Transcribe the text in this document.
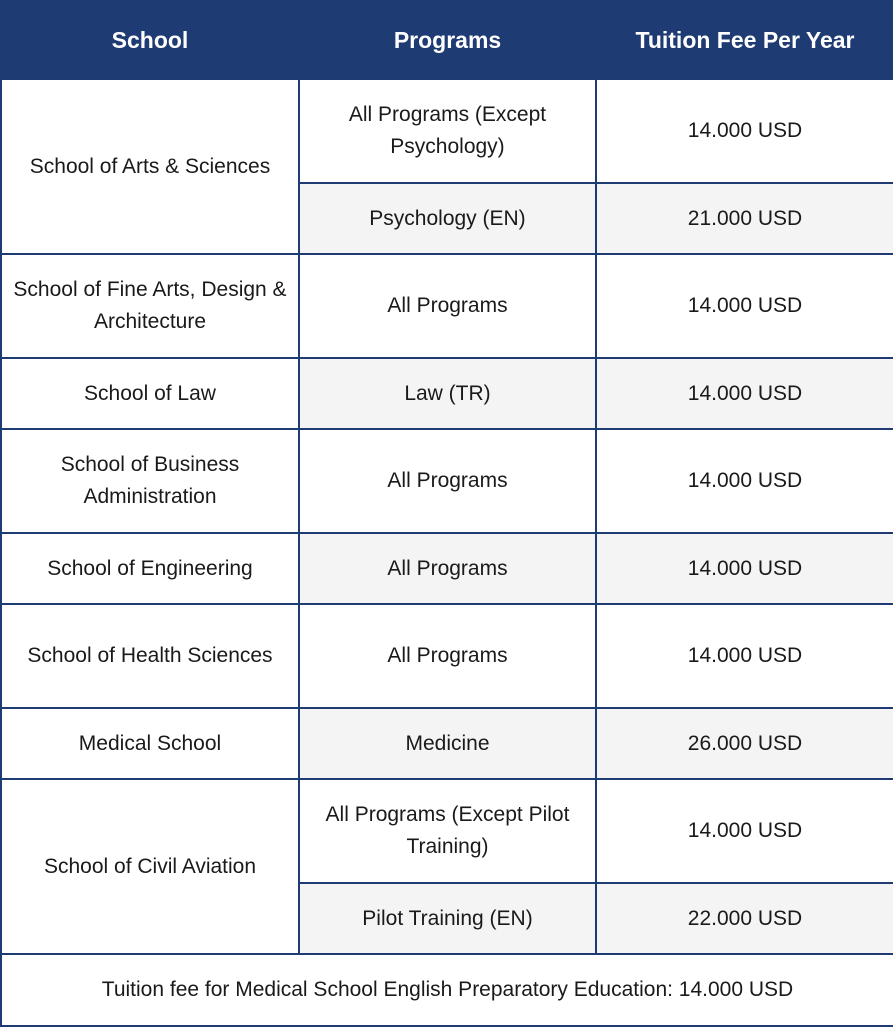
School	Programs	Tuition Fee Per Year
School of Arts & Sciences	All Programs (Except Psychology)	14.000 USD
	Psychology (EN)	21.000 USD
School of Fine Arts, Design & Architecture	All Programs	14.000 USD
School of Law	Law (TR)	14.000 USD
School of Business Administration	All Programs	14.000 USD
School of Engineering	All Programs	14.000 USD
School of Health Sciences	All Programs	14.000 USD
Medical School	Medicine	26.000 USD
School of Civil Aviation	All Programs (Except Pilot Training)	14.000 USD
	Pilot Training (EN)	22.000 USD
Tuition fee for Medical School English Preparatory Education: 14.000 USD		
